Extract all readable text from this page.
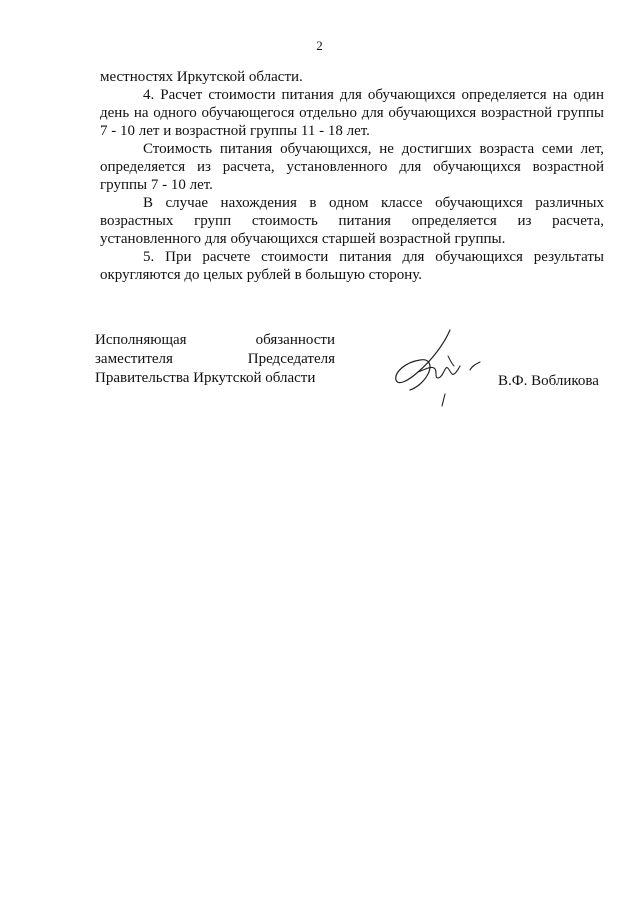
2

местностях Иркутской области.

4. Расчет стоимости питания для обучающихся определяется на один день на одного обучающегося отдельно для обучающихся возрастной группы 7 - 10 лет и возрастной группы 11 - 18 лет.

Стоимость питания обучающихся, не достигших возраста семи лет, определяется из расчета, установленного для обучающихся возрастной группы 7 - 10 лет.

В случае нахождения в одном классе обучающихся различных возрастных групп стоимость питания определяется из расчета, установленного для обучающихся старшей возрастной группы.

5. При расчете стоимости питания для обучающихся результаты округляются до целых рублей в большую сторону.

Исполняющая	обязанности
заместителя	Председателя
Правительства Иркутской области	В.Ф. Вобликова
